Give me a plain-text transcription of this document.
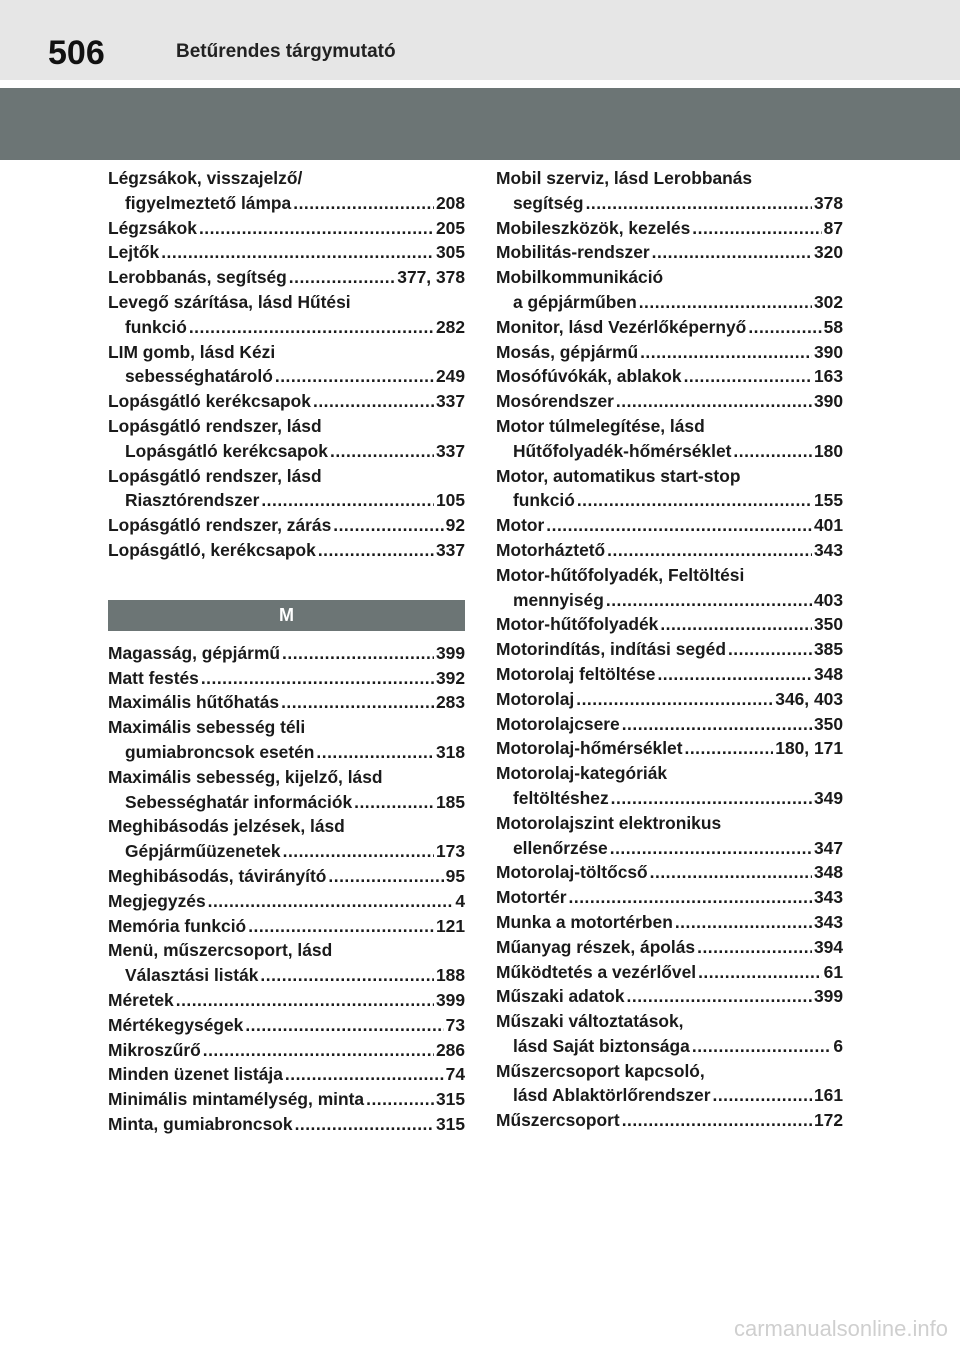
506	Betűrendes tárgymutató
Légzsákok, visszajelző/
figyelmeztető lámpa .....	208
Légzsákok .....	205
Lejtők .....	305
Lerobbanás, segítség .....	377, 378
Levegő szárítása, lásd Hűtési
funkció .....	282
LIM gomb, lásd Kézi
sebességhatároló .....	249
Lopásgátló kerékcsapok .....	337
Lopásgátló rendszer, lásd
Lopásgátló kerékcsapok .....	337
Lopásgátló rendszer, lásd
Riasztórendszer .....	105
Lopásgátló rendszer, zárás .....	92
Lopásgátló, kerékcsapok .....	337
M
Magasság, gépjármű .....	399
Matt festés .....	392
Maximális hűtőhatás .....	283
Maximális sebesség téli
gumiabroncsok esetén .....	318
Maximális sebesség, kijelző, lásd
Sebességhatár információk .....	185
Meghibásodás jelzések, lásd
Gépjárműüzenetek .....	173
Meghibásodás, távirányító .....	95
Megjegyzés .....	4
Memória funkció .....	121
Menü, műszercsoport, lásd
Választási listák .....	188
Méretek .....	399
Mértékegységek .....	73
Mikroszűrő .....	286
Minden üzenet listája .....	74
Minimális mintamélység, minta .....	315
Minta, gumiabroncsok .....	315
Mobil szerviz, lásd Lerobbanás
segítség .....	378
Mobileszközök, kezelés .....	87
Mobilitás-rendszer .....	320
Mobilkommunikáció
a gépjárműben .....	302
Monitor, lásd Vezérlőképernyő .....	58
Mosás, gépjármű .....	390
Mosófúvókák, ablakok .....	163
Mosórendszer .....	390
Motor túlmelegítése, lásd
Hűtőfolyadék-hőmérséklet .....	180
Motor, automatikus start-stop
funkció .....	155
Motor .....	401
Motorháztető .....	343
Motor-hűtőfolyadék, Feltöltési
mennyiség .....	403
Motor-hűtőfolyadék .....	350
Motorindítás, indítási segéd .....	385
Motorolaj feltöltése .....	348
Motorolaj .....	346, 403
Motorolajcsere .....	350
Motorolaj-hőmérséklet .....	180, 171
Motorolaj-kategóriák
feltöltéshez .....	349
Motorolajszint elektronikus
ellenőrzése .....	347
Motorolaj-töltőcső .....	348
Motortér .....	343
Munka a motortérben .....	343
Műanyag részek, ápolás .....	394
Működtetés a vezérlővel .....	61
Műszaki adatok .....	399
Műszaki változtatások,
lásd Saját biztonsága .....	6
Műszercsoport kapcsoló,
lásd Ablaktörlőrendszer .....	161
Műszercsoport .....	172
carmanualsonline.info
